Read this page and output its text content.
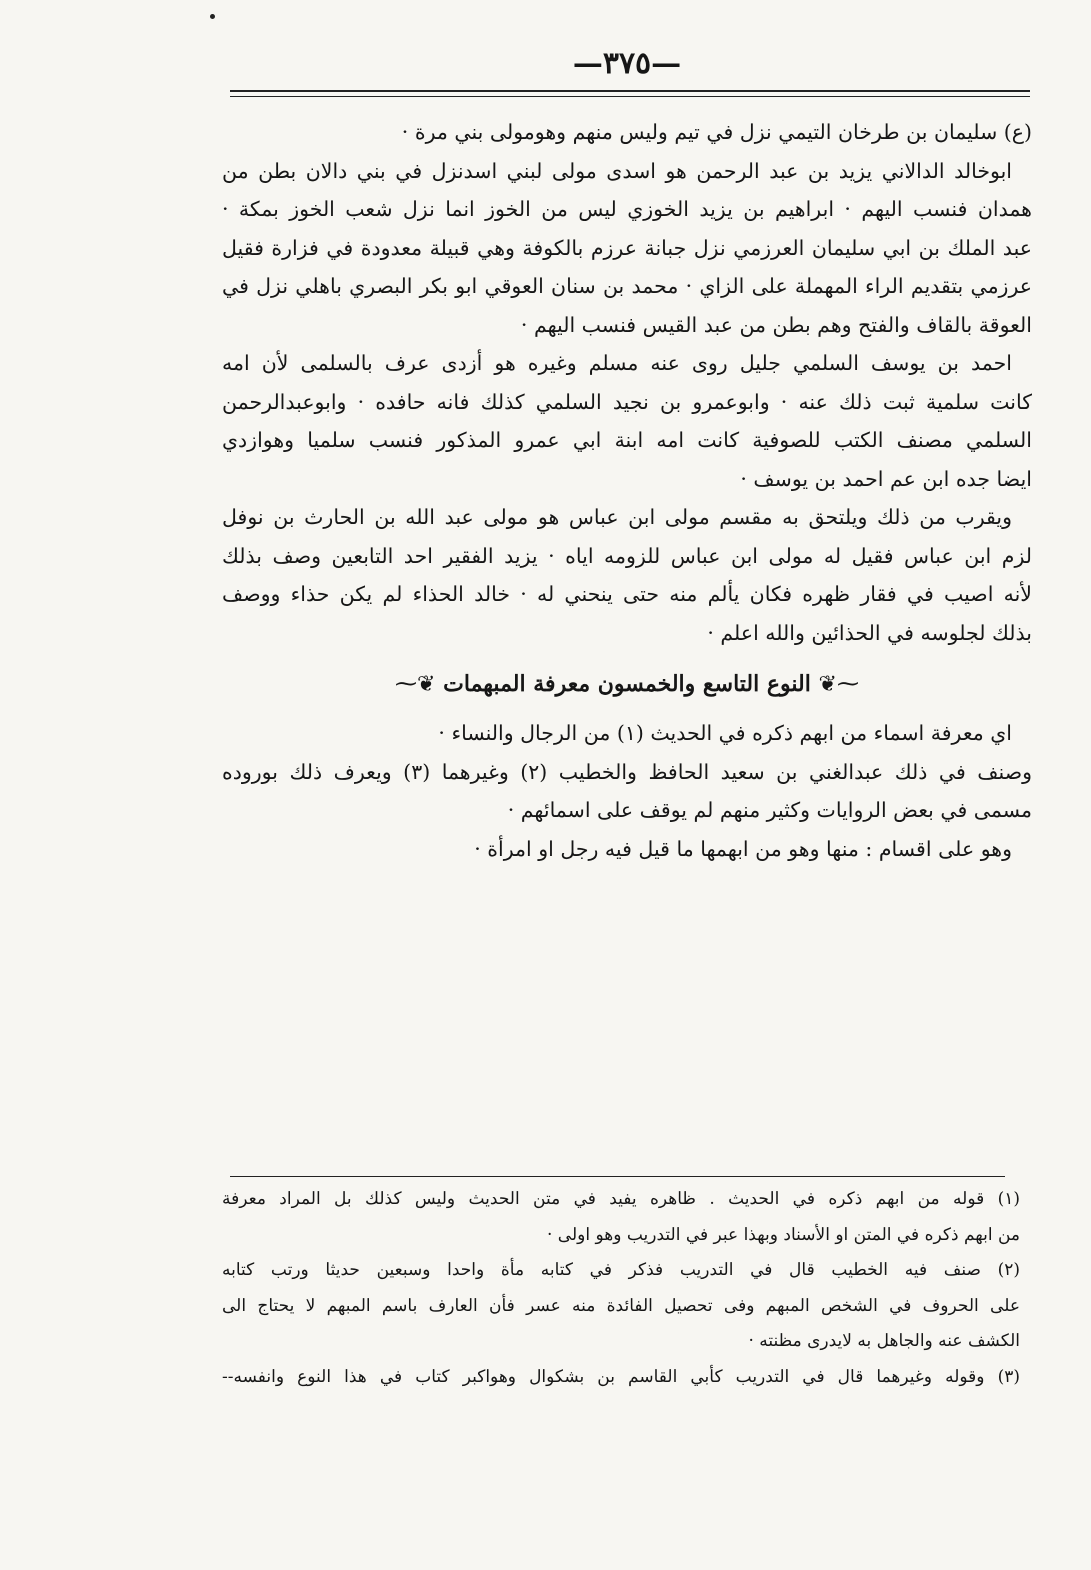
—٣٧٥—
(ع) سليمان بن طرخان التيمي نزل في تيم وليس منهم وهومولى بني مرة ·
ابوخالد الدالاني يزيد بن عبد الرحمن هو اسدى مولى لبني اسدنزل في بني دالان بطن من
همدان فنسب اليهم · ابراهيم بن يزيد الخوزي ليس من الخوز انما نزل شعب الخوز بمكة ·
عبد الملك بن ابي سليمان العرزمي نزل جبانة عرزم بالكوفة وهي قبيلة معدودة في فزارة فقيل
عرزمي بتقديم الراء المهملة على الزاي · محمد بن سنان العوقي ابو بكر البصري باهلي نزل في
العوقة بالقاف والفتح وهم بطن من عبد القيس فنسب اليهم ·
احمد بن يوسف السلمي جليل روى عنه مسلم وغيره هو أزدى عرف بالسلمى لأن امه
كانت سلمية ثبت ذلك عنه · وابوعمرو بن نجيد السلمي كذلك فانه حافده · وابوعبدالرحمن
السلمي مصنف الكتب للصوفية كانت امه ابنة ابي عمرو المذكور فنسب سلميا وهوازدي
ايضا جده ابن عم احمد بن يوسف ·
ويقرب من ذلك ويلتحق به مقسم مولى ابن عباس هو مولى عبد الله بن الحارث بن نوفل
لزم ابن عباس فقيل له مولى ابن عباس للزومه اياه · يزيد الفقير احد التابعين وصف بذلك
لأنه اصيب في فقار ظهره فكان يألم منه حتى ينحني له · خالد الحذاء لم يكن حذاء ووصف
بذلك لجلوسه في الحذائين والله اعلم ·
⁓❦ النوع التاسع والخمسون معرفة المبهمات ❦⁓
اي معرفة اسماء من ابهم ذكره في الحديث (١) من الرجال والنساء ·
وصنف في ذلك عبدالغني بن سعيد الحافظ والخطيب (٢) وغيرهما (٣) ويعرف ذلك بوروده
مسمى في بعض الروايات وكثير منهم لم يوقف على اسمائهم ·
وهو على اقسام : منها وهو من ابهمها ما قيل فيه رجل او امرأة ·
(١) قوله من ابهم ذكره في الحديث . ظاهره يفيد في متن الحديث وليس كذلك بل المراد معرفة
من ابهم ذكره في المتن او الأسناد وبهذا عبر في التدريب وهو اولى ·
(٢) صنف فيه الخطيب قال في التدريب فذكر في كتابه مأة واحدا وسبعين حديثا ورتب كتابه
على الحروف في الشخص المبهم وفى تحصيل الفائدة منه عسر فأن العارف باسم المبهم لا يحتاج الى
الكشف عنه والجاهل به لايدرى مظنته ·
(٣) وقوله وغيرهما قال في التدريب كأبي القاسم بن بشكوال وهواكبر كتاب في هذا النوع وانفسه--
